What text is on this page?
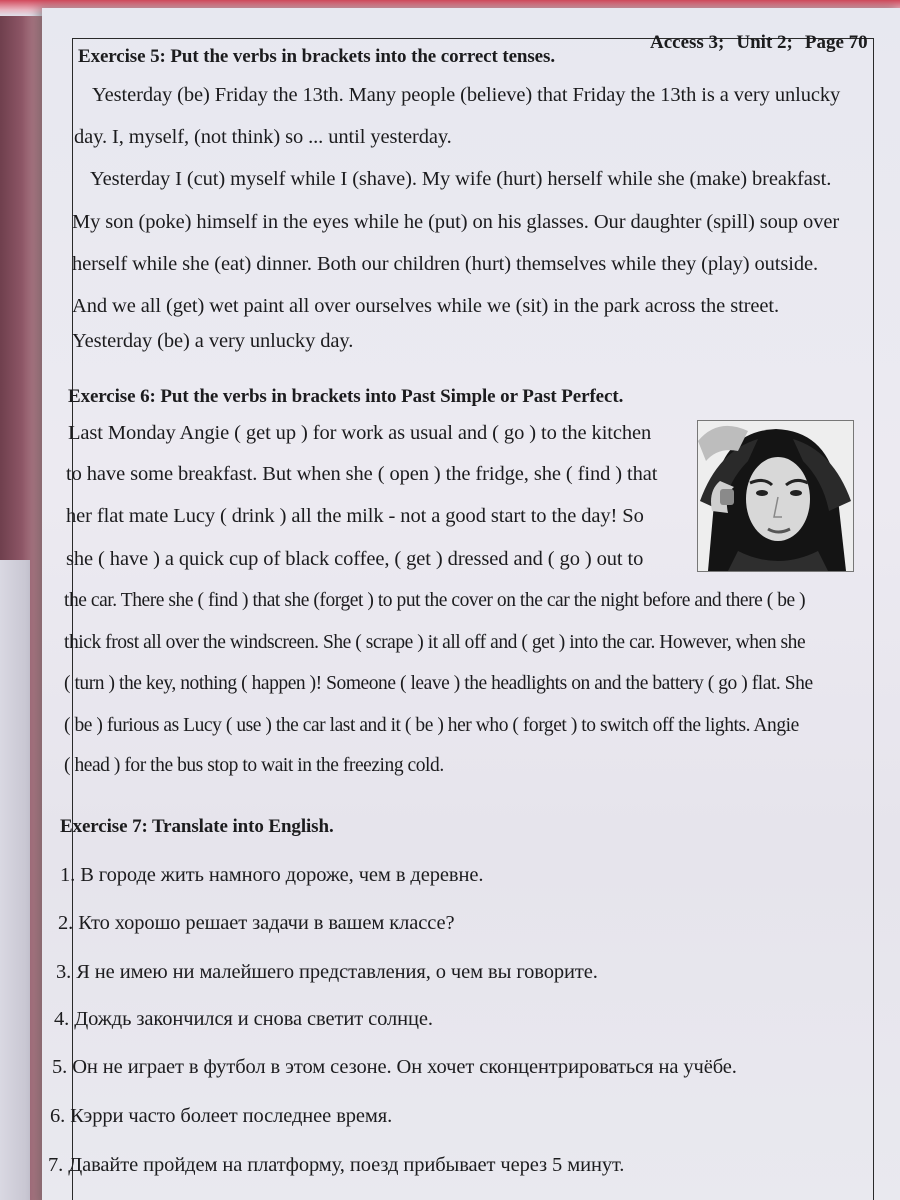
Access 3; Unit 2; Page 70
Exercise 5: Put the verbs in brackets into the correct tenses.
Yesterday (be) Friday the 13th. Many people (believe) that Friday the 13th is a very unlucky
day. I, myself, (not think) so ... until yesterday.
Yesterday I (cut) myself while I (shave). My wife (hurt) herself while she (make) breakfast.
My son (poke) himself in the eyes while he (put) on his glasses. Our daughter (spill) soup over
herself while she (eat) dinner. Both our children (hurt) themselves while they (play) outside.
And we all (get) wet paint all over ourselves while we (sit) in the park across the street.
Yesterday (be) a very unlucky day.
Exercise 6: Put the verbs in brackets into Past Simple or Past Perfect.
Last Monday Angie ( get up ) for work as usual and ( go ) to the kitchen
to have some breakfast. But when she ( open ) the fridge, she ( find ) that
her flat mate Lucy ( drink ) all the milk - not a good start to the day! So
she ( have ) a quick cup of black coffee, ( get ) dressed and ( go ) out to
the car. There she ( find ) that she (forget ) to put the cover on the car the night before and there ( be )
thick frost all over the windscreen. She ( scrape ) it all off and ( get ) into the car. However, when she
( turn ) the key, nothing ( happen )! Someone ( leave ) the headlights on and the battery ( go ) flat. She
( be ) furious as Lucy ( use ) the car last and it ( be ) her who ( forget ) to switch off the lights. Angie
( head ) for the bus stop to wait in the freezing cold.
Exercise 7: Translate into English.
1. В городе жить намного дороже, чем в деревне.
2. Кто хорошо решает задачи в вашем классе?
3. Я не имею ни малейшего представления, о чем вы говорите.
4. Дождь закончился и снова светит солнце.
5. Он не играет в футбол в этом сезоне. Он хочет сконцентрироваться на учёбе.
6. Кэрри часто болеет последнее время.
7. Давайте пройдем на платформу, поезд прибывает через 5 минут.
